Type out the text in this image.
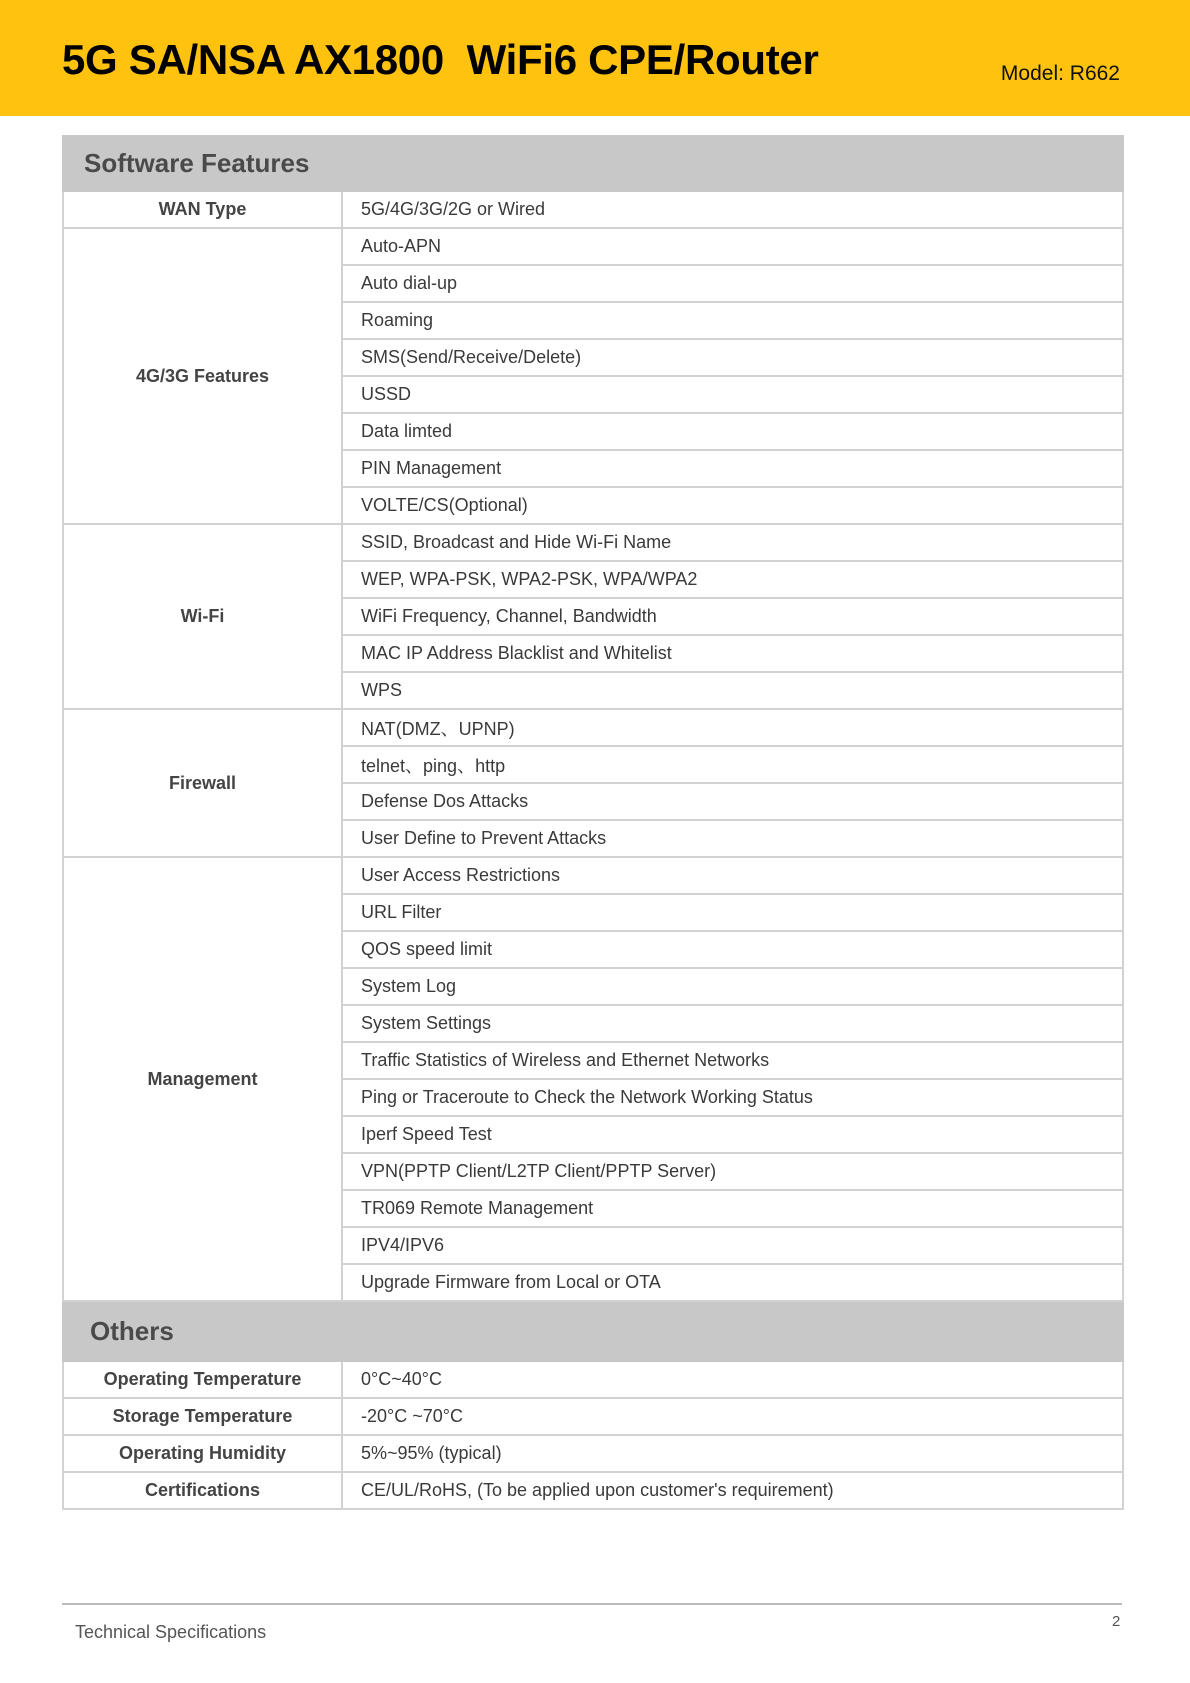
5G SA/NSA AX1800  WiFi6 CPE/Router	Model: R662
Software Features	
WAN Type	5G/4G/3G/2G or Wired
4G/3G Features	Auto-APN
	Auto dial-up
	Roaming
	SMS(Send/Receive/Delete)
	USSD
	Data limted
	PIN Management
	VOLTE/CS(Optional)
Wi-Fi	SSID, Broadcast and Hide Wi-Fi Name
	WEP, WPA-PSK, WPA2-PSK, WPA/WPA2
	WiFi Frequency, Channel, Bandwidth
	MAC IP Address Blacklist and Whitelist
	WPS
Firewall	NAT(DMZ、UPNP)
	telnet、ping、http
	Defense Dos Attacks
	User Define to Prevent Attacks
Management	User Access Restrictions
	URL Filter
	QOS speed limit
	System Log
	System Settings
	Traffic Statistics of Wireless and Ethernet Networks
	Ping or Traceroute to Check the Network Working Status
	Iperf Speed Test
	VPN(PPTP Client/L2TP Client/PPTP Server)
	TR069 Remote Management
	IPV4/IPV6
	Upgrade Firmware from Local or OTA
Others	
Operating Temperature	0°C~40°C
Storage Temperature	-20°C ~70°C
Operating Humidity	5%~95% (typical)
Certifications	CE/UL/RoHS, (To be applied upon customer's requirement)
Technical Specifications
2
